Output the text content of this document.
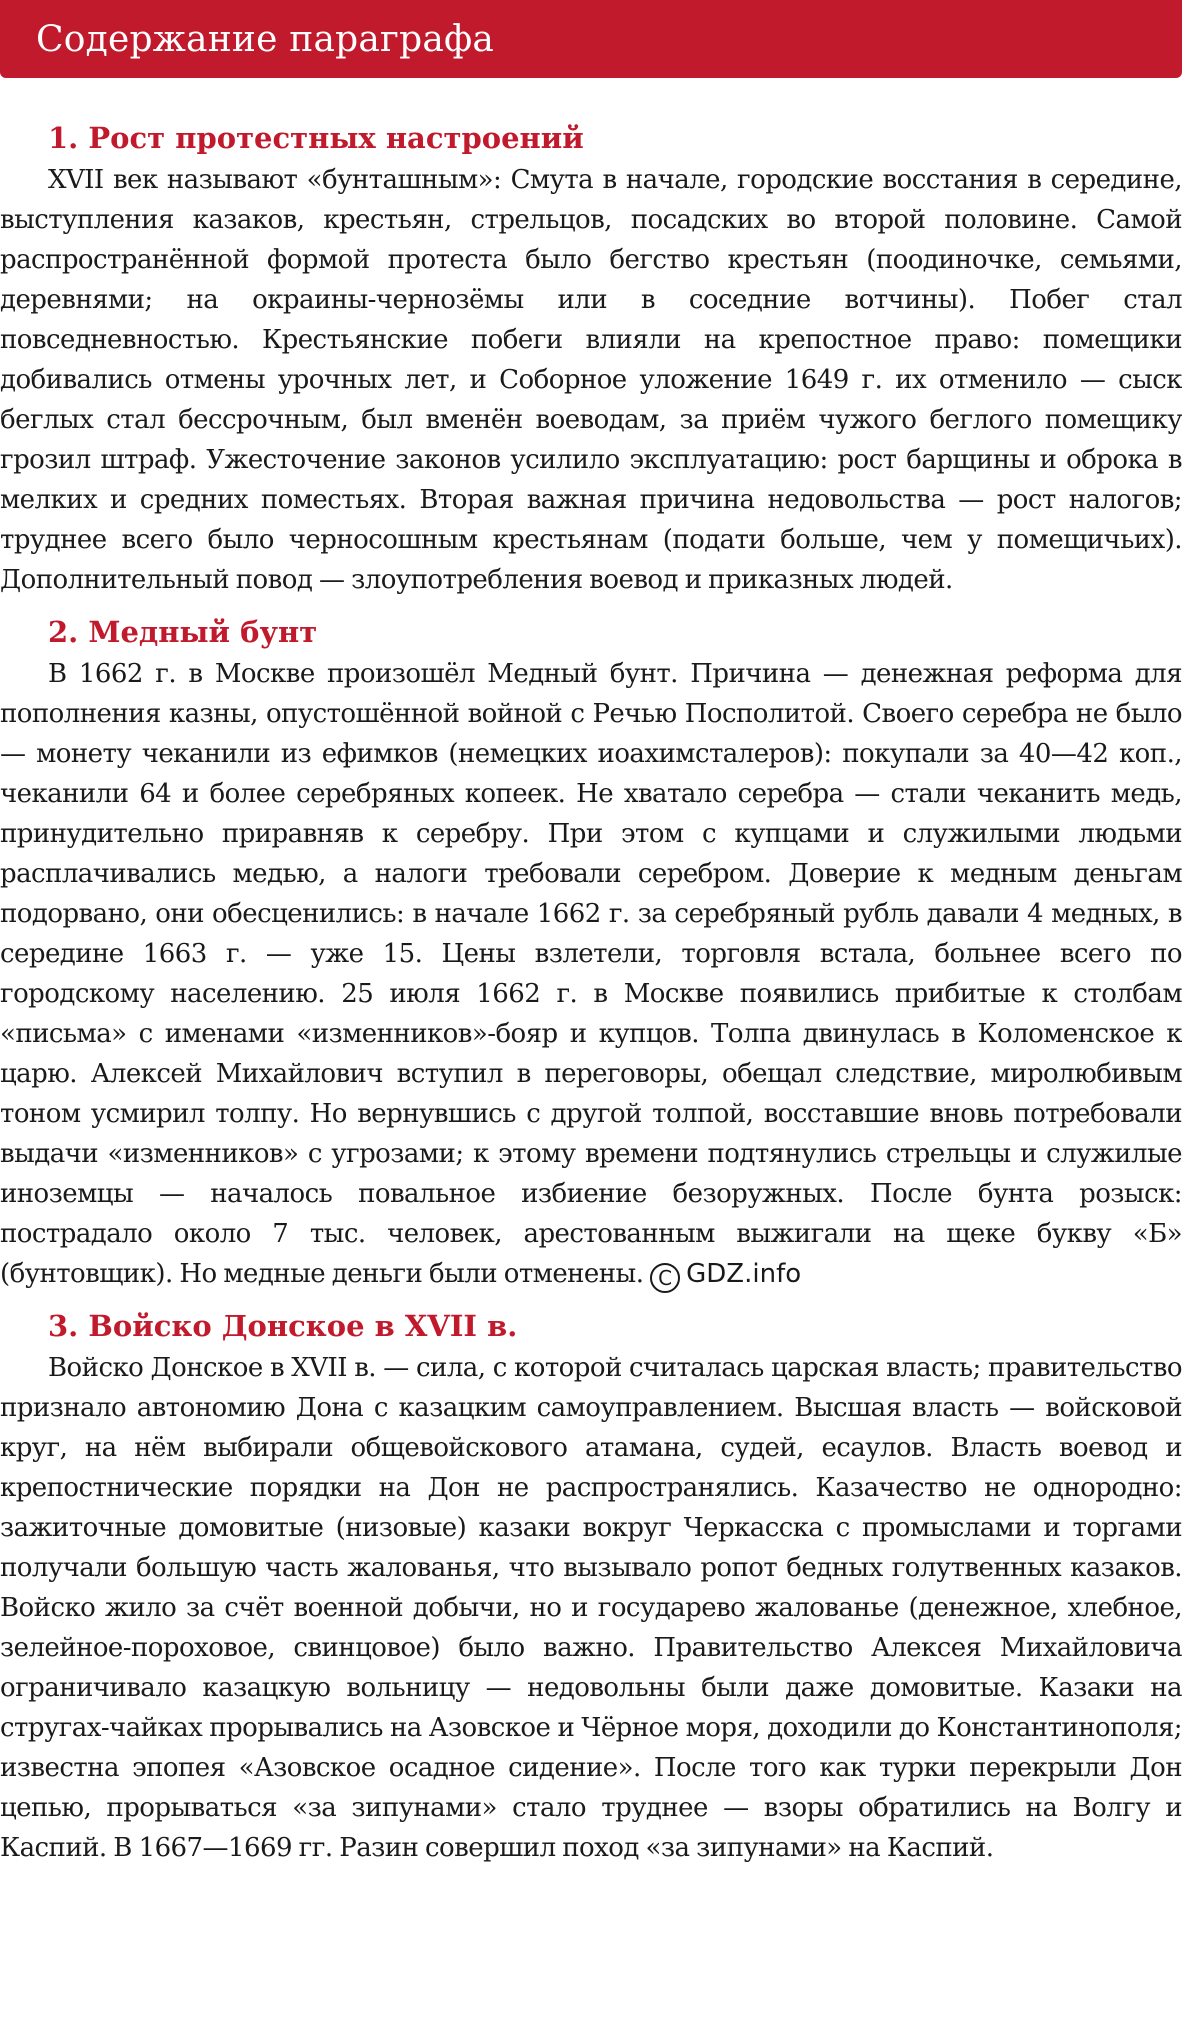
Содержание параграфа
1. Рост протестных настроений

XVII век называют «бунташным»: Смута в начале, городские восстания в середине, выступления казаков, крестьян, стрельцов, посадских во второй половине. Самой распространённой формой протеста было бегство крестьян (поодиночке, семьями, деревнями; на окраины-чернозёмы или в соседние вотчины). Побег стал повседневностью. Крестьянские побеги влияли на крепостное право: помещики добивались отмены урочных лет, и Соборное уложение 1649 г. их отменило — сыск беглых стал бессрочным, был вменён воеводам, за приём чужого беглого помещику грозил штраф. Ужесточение законов усилило эксплуатацию: рост барщины и оброка в мелких и средних поместьях. Вторая важная причина недовольства — рост налогов; труднее всего было черносошным крестьянам (подати больше, чем у помещичьих). Дополнительный повод — злоупотребления воевод и приказных людей.

2. Медный бунт

В 1662 г. в Москве произошёл Медный бунт. Причина — денежная реформа для пополнения казны, опустошённой войной с Речью Посполитой. Своего серебра не было — монету чеканили из ефимков (немецких иоахимсталеров): покупали за 40—42 коп., чеканили 64 и более серебряных копеек. Не хватало серебра — стали чеканить медь, принудительно приравняв к серебру. При этом с купцами и служилыми людьми расплачивались медью, а налоги требовали серебром. Доверие к медным деньгам подорвано, они обесценились: в начале 1662 г. за серебряный рубль давали 4 медных, в середине 1663 г. — уже 15. Цены взлетели, торговля встала, больнее всего по городскому населению. 25 июля 1662 г. в Москве появились прибитые к столбам «письма» с именами «изменников»-бояр и купцов. Толпа двинулась в Коломенское к царю. Алексей Михайлович вступил в переговоры, обещал следствие, миролюбивым тоном усмирил толпу. Но вернувшись с другой толпой, восставшие вновь потребовали выдачи «изменников» с угрозами; к этому времени подтянулись стрельцы и служилые иноземцы — началось повальное избиение безоружных. После бунта розыск: пострадало около 7 тыс. человек, арестованным выжигали на щеке букву «Б» (бунтовщик). Но медные деньги были отменены. C GDZ.info

3. Войско Донское в XVII в.

Войско Донское в XVII в. — сила, с которой считалась царская власть; правительство признало автономию Дона с казацким самоуправлением. Высшая власть — войсковой круг, на нём выбирали общевойскового атамана, судей, есаулов. Власть воевод и крепостнические порядки на Дон не распространялись. Казачество не однородно: зажиточные домовитые (низовые) казаки вокруг Черкасска с промыслами и торгами получали большую часть жалованья, что вызывало ропот бедных голутвенных казаков. Войско жило за счёт военной добычи, но и государево жалованье (денежное, хлебное, зелейное-пороховое, свинцовое) было важно. Правительство Алексея Михайловича ограничивало казацкую вольницу — недовольны были даже домовитые. Казаки на стругах-чайках прорывались на Азовское и Чёрное моря, доходили до Константинополя; известна эпопея «Азовское осадное сидение». После того как турки перекрыли Дон цепью, прорываться «за зипунами» стало труднее — взоры обратились на Волгу и Каспий. В 1667—1669 гг. Разин совершил поход «за зипунами» на Каспий.
